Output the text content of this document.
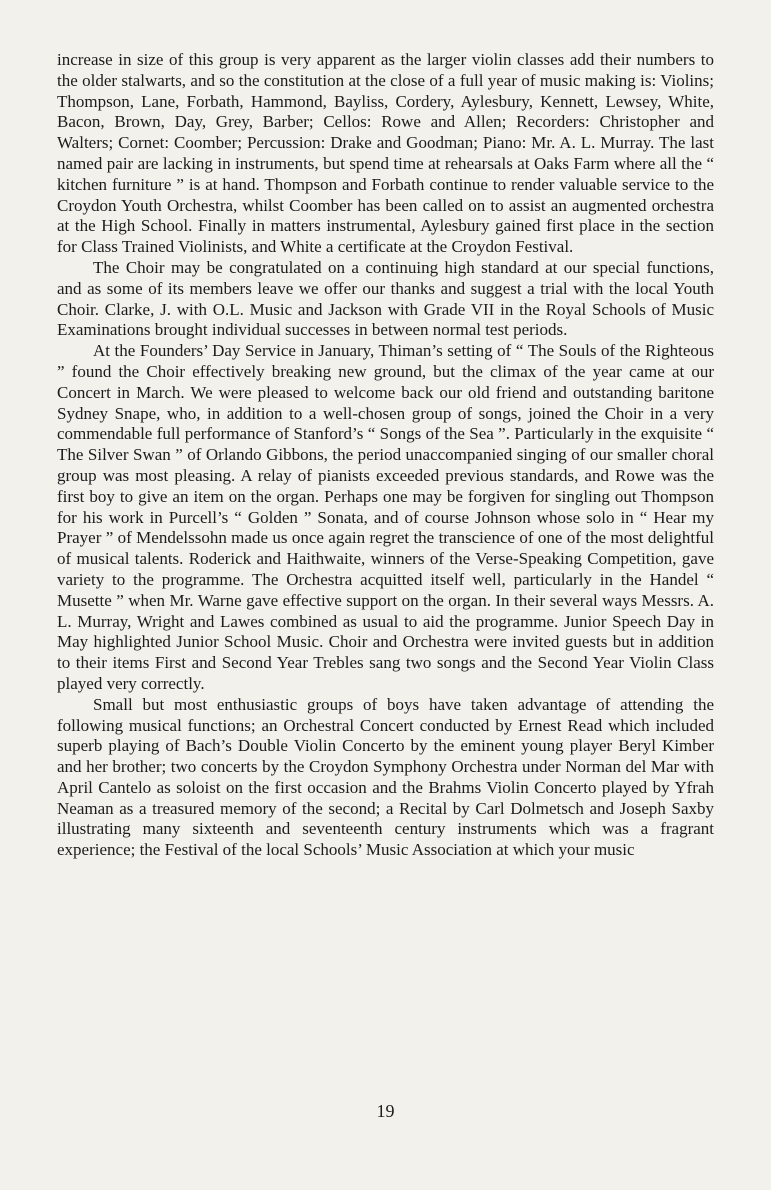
increase in size of this group is very apparent as the larger violin classes add their numbers to the older stalwarts, and so the constitution at the close of a full year of music making is: Violins; Thompson, Lane, Forbath, Hammond, Bayliss, Cordery, Aylesbury, Kennett, Lewsey, White, Bacon, Brown, Day, Grey, Barber; Cellos: Rowe and Allen; Recorders: Christopher and Walters; Cornet: Coomber; Percussion: Drake and Goodman; Piano: Mr. A. L. Murray. The last named pair are lacking in instruments, but spend time at rehearsals at Oaks Farm where all the “ kitchen furniture ” is at hand. Thompson and Forbath continue to render valuable service to the Croydon Youth Orchestra, whilst Coomber has been called on to assist an augmented orchestra at the High School. Finally in matters instrumental, Aylesbury gained first place in the section for Class Trained Violinists, and White a certificate at the Croydon Festival.

The Choir may be congratulated on a continuing high standard at our special functions, and as some of its members leave we offer our thanks and suggest a trial with the local Youth Choir. Clarke, J. with O.L. Music and Jackson with Grade VII in the Royal Schools of Music Examinations brought individual successes in between normal test periods.

At the Founders’ Day Service in January, Thiman’s setting of “ The Souls of the Righteous ” found the Choir effectively breaking new ground, but the climax of the year came at our Concert in March. We were pleased to welcome back our old friend and outstanding baritone Sydney Snape, who, in addition to a well-chosen group of songs, joined the Choir in a very commendable full performance of Stanford’s “ Songs of the Sea ”. Particularly in the exquisite “ The Silver Swan ” of Orlando Gibbons, the period unaccompanied singing of our smaller choral group was most pleasing. A relay of pianists exceeded previous standards, and Rowe was the first boy to give an item on the organ. Perhaps one may be forgiven for singling out Thompson for his work in Purcell’s “ Golden ” Sonata, and of course Johnson whose solo in “ Hear my Prayer ” of Mendelssohn made us once again regret the transcience of one of the most delightful of musical talents. Roderick and Haithwaite, winners of the Verse-Speaking Competition, gave variety to the programme. The Orchestra acquitted itself well, particularly in the Handel “ Musette ” when Mr. Warne gave effective support on the organ. In their several ways Messrs. A. L. Murray, Wright and Lawes combined as usual to aid the programme. Junior Speech Day in May highlighted Junior School Music. Choir and Orchestra were invited guests but in addition to their items First and Second Year Trebles sang two songs and the Second Year Violin Class played very correctly.

Small but most enthusiastic groups of boys have taken advantage of attending the following musical functions; an Orchestral Concert conducted by Ernest Read which included superb playing of Bach’s Double Violin Concerto by the eminent young player Beryl Kimber and her brother; two concerts by the Croydon Symphony Orchestra under Norman del Mar with April Cantelo as soloist on the first occasion and the Brahms Violin Concerto played by Yfrah Neaman as a treasured memory of the second; a Recital by Carl Dolmetsch and Joseph Saxby illustrating many sixteenth and seventeenth century instruments which was a fragrant experience; the Festival of the local Schools’ Music Association at which your music

19
